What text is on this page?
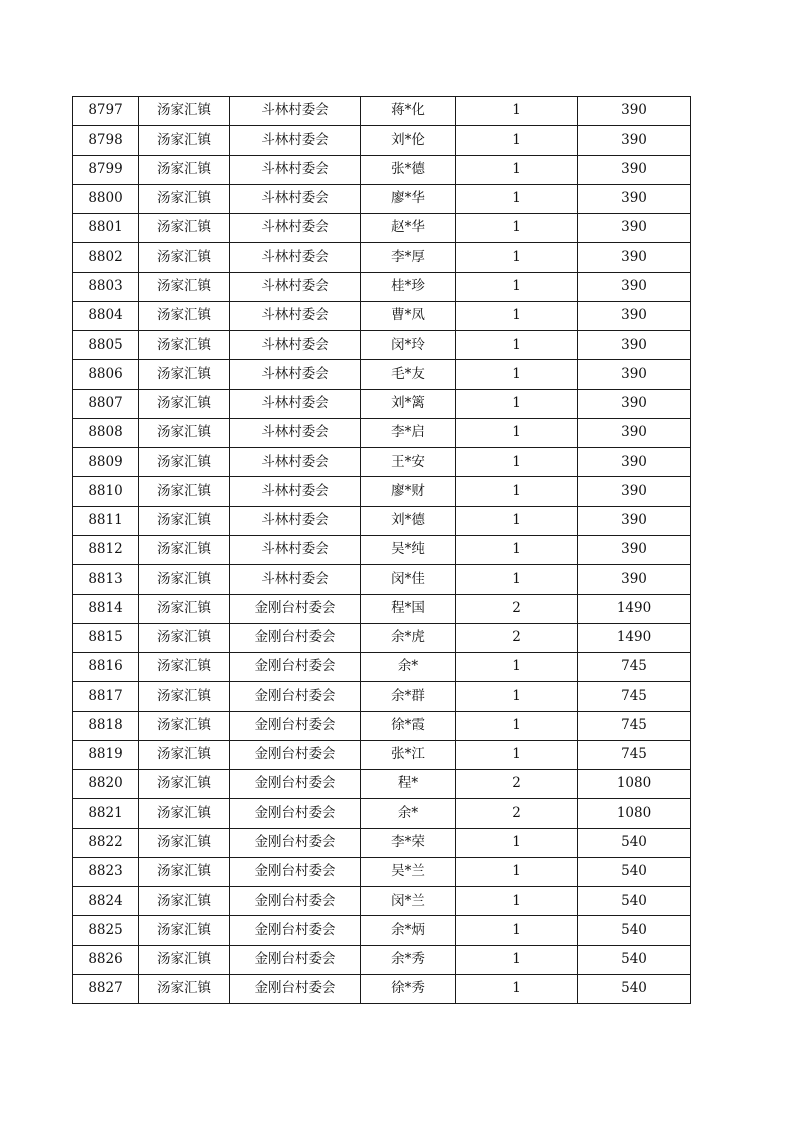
8797	汤家汇镇	斗林村委会	蒋*化	1	390
8798	汤家汇镇	斗林村委会	刘*伦	1	390
8799	汤家汇镇	斗林村委会	张*德	1	390
8800	汤家汇镇	斗林村委会	廖*华	1	390
8801	汤家汇镇	斗林村委会	赵*华	1	390
8802	汤家汇镇	斗林村委会	李*厚	1	390
8803	汤家汇镇	斗林村委会	桂*珍	1	390
8804	汤家汇镇	斗林村委会	曹*凤	1	390
8805	汤家汇镇	斗林村委会	闵*玲	1	390
8806	汤家汇镇	斗林村委会	毛*友	1	390
8807	汤家汇镇	斗林村委会	刘*篱	1	390
8808	汤家汇镇	斗林村委会	李*启	1	390
8809	汤家汇镇	斗林村委会	王*安	1	390
8810	汤家汇镇	斗林村委会	廖*财	1	390
8811	汤家汇镇	斗林村委会	刘*德	1	390
8812	汤家汇镇	斗林村委会	吴*纯	1	390
8813	汤家汇镇	斗林村委会	闵*佳	1	390
8814	汤家汇镇	金刚台村委会	程*国	2	1490
8815	汤家汇镇	金刚台村委会	余*虎	2	1490
8816	汤家汇镇	金刚台村委会	余*	1	745
8817	汤家汇镇	金刚台村委会	余*群	1	745
8818	汤家汇镇	金刚台村委会	徐*霞	1	745
8819	汤家汇镇	金刚台村委会	张*江	1	745
8820	汤家汇镇	金刚台村委会	程*	2	1080
8821	汤家汇镇	金刚台村委会	余*	2	1080
8822	汤家汇镇	金刚台村委会	李*荣	1	540
8823	汤家汇镇	金刚台村委会	吴*兰	1	540
8824	汤家汇镇	金刚台村委会	闵*兰	1	540
8825	汤家汇镇	金刚台村委会	余*炳	1	540
8826	汤家汇镇	金刚台村委会	余*秀	1	540
8827	汤家汇镇	金刚台村委会	徐*秀	1	540
